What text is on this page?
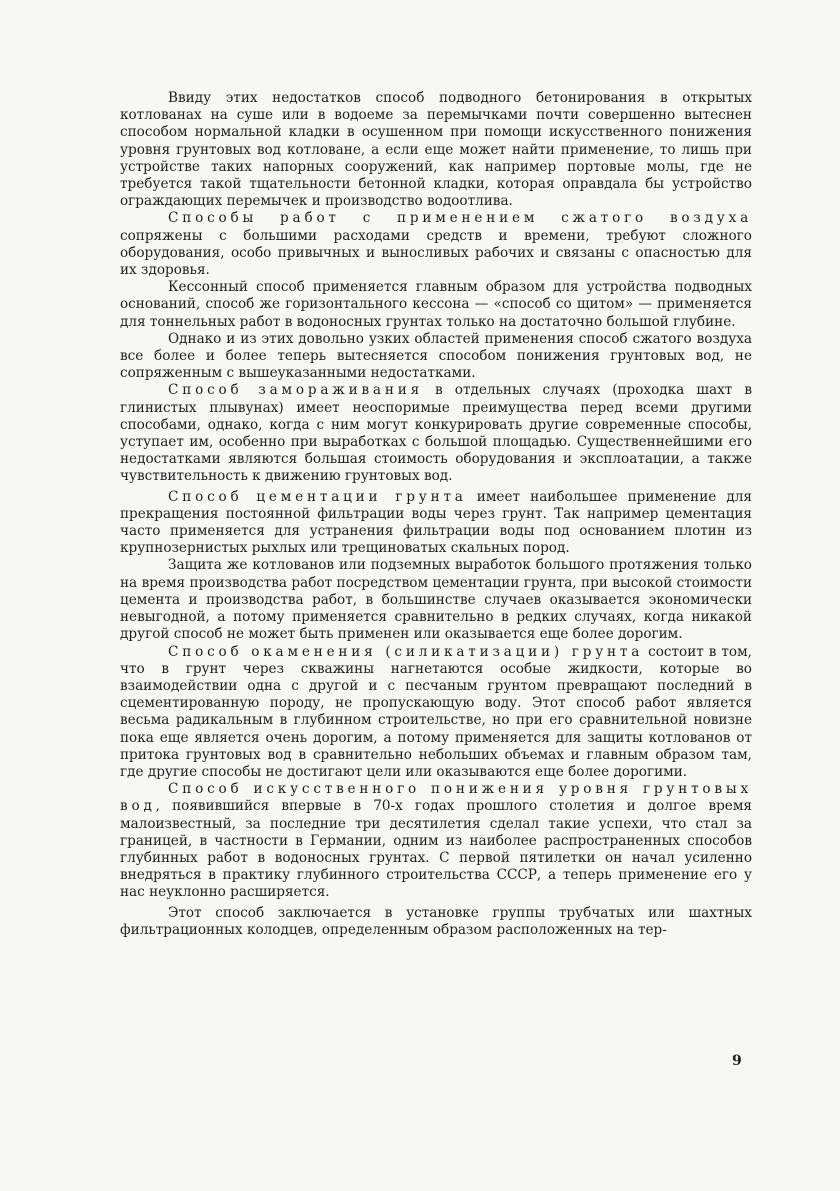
Ввиду этих недостатков способ подводного бетонирования в открытых котлованах на суше или в водоеме за перемычками почти совершенно вытеснен способом нормальной кладки в осушенном при помощи искусственного понижения уровня грунтовых вод котловане, а если еще может найти применение, то лишь при устройстве таких напорных сооружений, как например портовые молы, где не требуется такой тщательности бетонной кладки, которая оправдала бы устройство ограждающих перемычек и производство водоотлива.

Способы работ с применением сжатого воздуха сопряжены с большими расходами средств и времени, требуют сложного оборудования, особо привычных и выносливых рабочих и связаны с опасностью для их здоровья.

Кессонный способ применяется главным образом для устройства подводных оснований, способ же горизонтального кессона — «способ со щитом» — применяется для тоннельных работ в водоносных грунтах только на достаточно большой глубине.

Однако и из этих довольно узких областей применения способ сжатого воздуха все более и более теперь вытесняется способом понижения грунтовых вод, не сопряженным с вышеуказанными недостатками.

Способ замораживания в отдельных случаях (проходка шахт в глинистых плывунах) имеет неоспоримые преимущества перед всеми другими способами, однако, когда с ним могут конкурировать другие современные способы, уступает им, особенно при выработках с большой площадью. Существеннейшими его недостатками являются большая стоимость оборудования и эксплоатации, а также чувствительность к движению грунтовых вод.

Способ цементации грунта имеет наибольшее применение для прекращения постоянной фильтрации воды через грунт. Так например цементация часто применяется для устранения фильтрации воды под основанием плотин из крупнозернистых рыхлых или трещиноватых скальных пород.

Защита же котлованов или подземных выработок большого протяжения только на время производства работ посредством цементации грунта, при высокой стоимости цемента и производства работ, в большинстве случаев оказывается экономически невыгодной, а потому применяется сравнительно в редких случаях, когда никакой другой способ не может быть применен или оказывается еще более дорогим.

Способ окаменения (силикатизации) грунта состоит в том, что в грунт через скважины нагнетаются особые жидкости, которые во взаимодействии одна с другой и с песчаным грунтом превращают последний в сцементированную породу, не пропускающую воду. Этот способ работ является весьма радикальным в глубинном строительстве, но при его сравнительной новизне пока еще является очень дорогим, а потому применяется для защиты котлованов от притока грунтовых вод в сравнительно небольших объемах и главным образом там, где другие способы не достигают цели или оказываются еще более дорогими.

Способ искусственного понижения уровня грунтовых вод, появившийся впервые в 70-х годах прошлого столетия и долгое время малоизвестный, за последние три десятилетия сделал такие успехи, что стал за границей, в частности в Германии, одним из наиболее распространенных способов глубинных работ в водоносных грунтах. С первой пятилетки он начал усиленно внедряться в практику глубинного строительства СССР, а теперь применение его у нас неуклонно расширяется.

Этот способ заключается в установке группы трубчатых или шахтных фильтрационных колодцев, определенным образом расположенных на тер-

9
